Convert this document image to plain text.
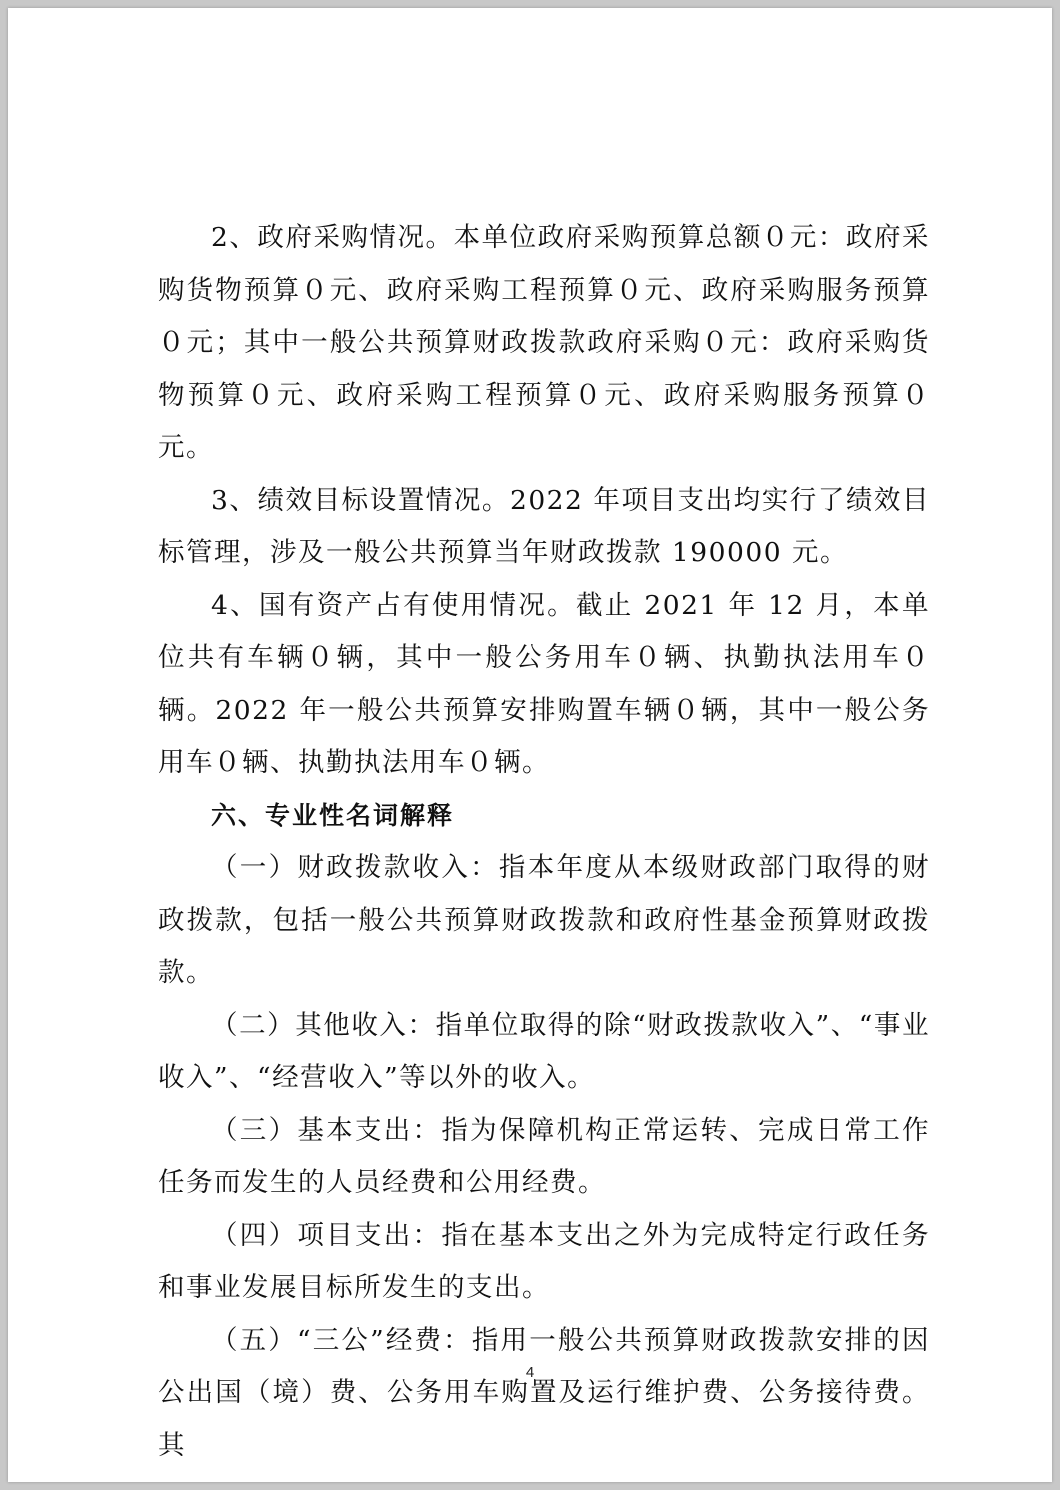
2、政府采购情况。本单位政府采购预算总额０元：政府采购货物预算０元、政府采购工程预算０元、政府采购服务预算０元；其中一般公共预算财政拨款政府采购０元：政府采购货物预算０元、政府采购工程预算０元、政府采购服务预算０元。

3、绩效目标设置情况。2022 年项目支出均实行了绩效目标管理，涉及一般公共预算当年财政拨款 190000 元。

4、国有资产占有使用情况。截止 2021 年 12 月，本单位共有车辆０辆，其中一般公务用车０辆、执勤执法用车０辆。2022 年一般公共预算安排购置车辆０辆，其中一般公务用车０辆、执勤执法用车０辆。

六、专业性名词解释

（一）财政拨款收入：指本年度从本级财政部门取得的财政拨款，包括一般公共预算财政拨款和政府性基金预算财政拨款。

（二）其他收入：指单位取得的除“财政拨款收入”、“事业收入”、“经营收入”等以外的收入。

（三）基本支出：指为保障机构正常运转、完成日常工作任务而发生的人员经费和公用经费。

（四）项目支出：指在基本支出之外为完成特定行政任务和事业发展目标所发生的支出。

（五）“三公”经费：指用一般公共预算财政拨款安排的因公出国（境）费、公务用车购置及运行维护费、公务接待费。其

4
